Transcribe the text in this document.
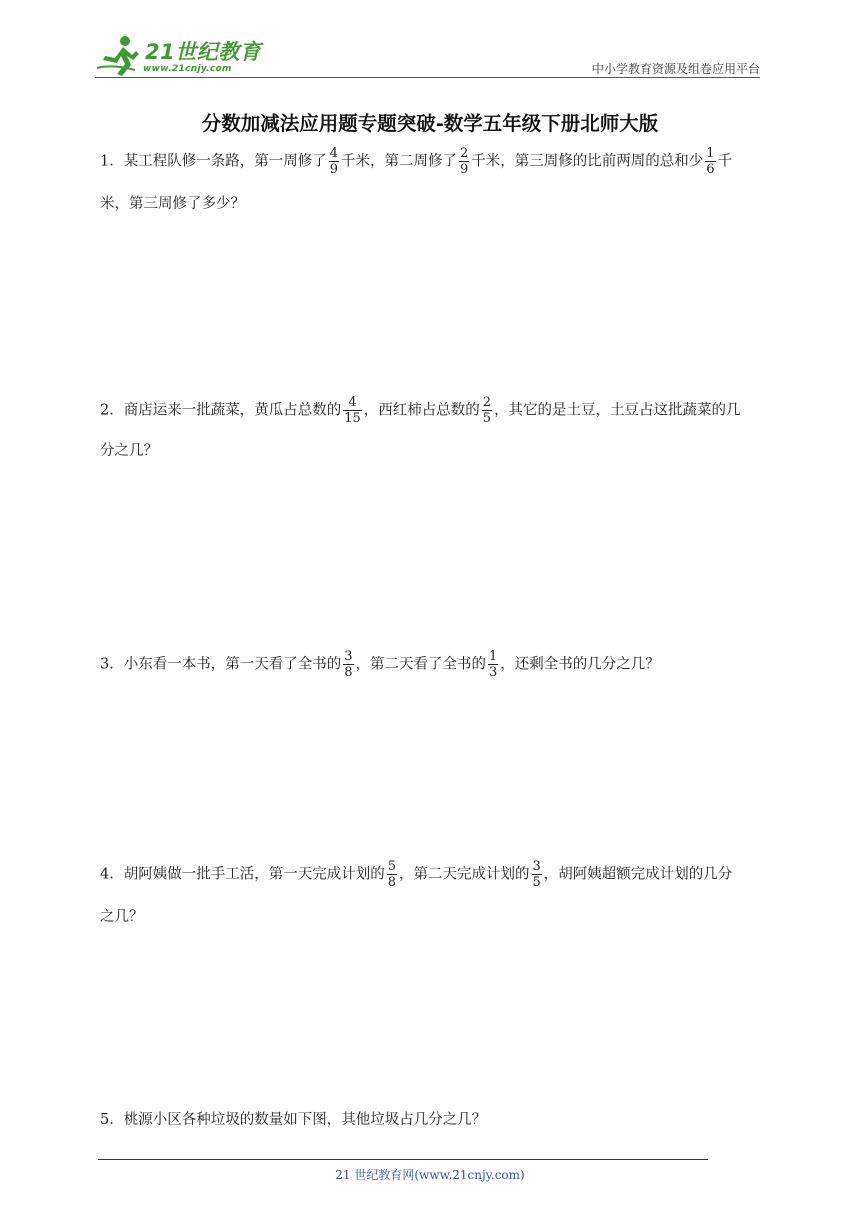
21世纪教育
www.21cnjy.com	中小学教育资源及组卷应用平台
分数加减法应用题专题突破-数学五年级下册北师大版
1．某工程队修一条路，第一周修了 $\frac{4}{9}$ 千米，第二周修了 $\frac{2}{9}$ 千米，第三周修的比前两周的总和少 $\frac{1}{6}$ 千
米，第三周修了多少？
2．商店运来一批蔬菜，黄瓜占总数的 $\frac{4}{15}$ ，西红柿占总数的 $\frac{2}{5}$ ，其它的是土豆，土豆占这批蔬菜的几
分之几？
3．小东看一本书，第一天看了全书的 $\frac{3}{8}$ ，第二天看了全书的 $\frac{1}{3}$ ，还剩全书的几分之几？
4．胡阿姨做一批手工活，第一天完成计划的 $\frac{5}{8}$ ，第二天完成计划的 $\frac{3}{5}$ ，胡阿姨超额完成计划的几分
之几？
5．桃源小区各种垃圾的数量如下图，其他垃圾占几分之几？
21 世纪教育网(www.21cnjy.com)
